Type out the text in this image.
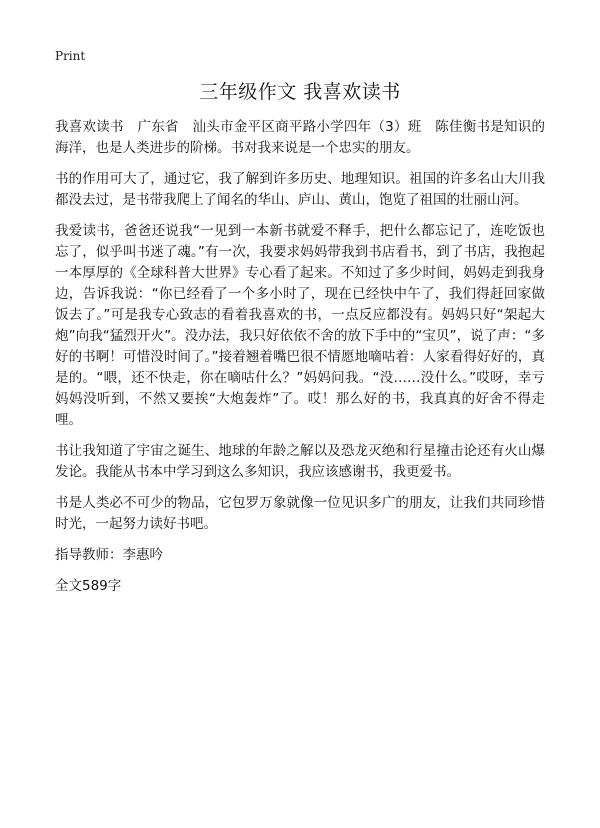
Print
三年级作文 我喜欢读书

我喜欢读书　广东省　汕头市金平区商平路小学四年（3）班　陈佳衡书是知识的海洋，也是人类进步的阶梯。书对我来说是一个忠实的朋友。

书的作用可大了，通过它，我了解到许多历史、地理知识。祖国的许多名山大川我都没去过，是书带我爬上了闻名的华山、庐山、黄山，饱览了祖国的壮丽山河。

我爱读书，爸爸还说我“一见到一本新书就爱不释手，把什么都忘记了，连吃饭也忘了，似乎叫书迷了魂。”有一次，我要求妈妈带我到书店看书，到了书店，我抱起一本厚厚的《全球科普大世界》专心看了起来。不知过了多少时间，妈妈走到我身边，告诉我说：“你已经看了一个多小时了，现在已经快中午了，我们得赶回家做饭去了。”可是我专心致志的看着我喜欢的书，一点反应都没有。妈妈只好“架起大炮”向我“猛烈开火”。没办法，我只好依依不舍的放下手中的“宝贝”，说了声：“多好的书啊！可惜没时间了。”接着翘着嘴巴很不情愿地嘀咕着：人家看得好好的，真是的。“喂，还不快走，你在嘀咕什么？”妈妈问我。“没……没什么。”哎呀，幸亏妈妈没听到，不然又要挨“大炮轰炸”了。哎！那么好的书，我真真的好舍不得走哩。

书让我知道了宇宙之诞生、地球的年龄之解以及恐龙灭绝和行星撞击论还有火山爆发论。我能从书本中学习到这么多知识，我应该感谢书，我更爱书。

书是人类必不可少的物品，它包罗万象就像一位见识多广的朋友，让我们共同珍惜时光，一起努力读好书吧。

指导教师：李惠吟

全文589字
